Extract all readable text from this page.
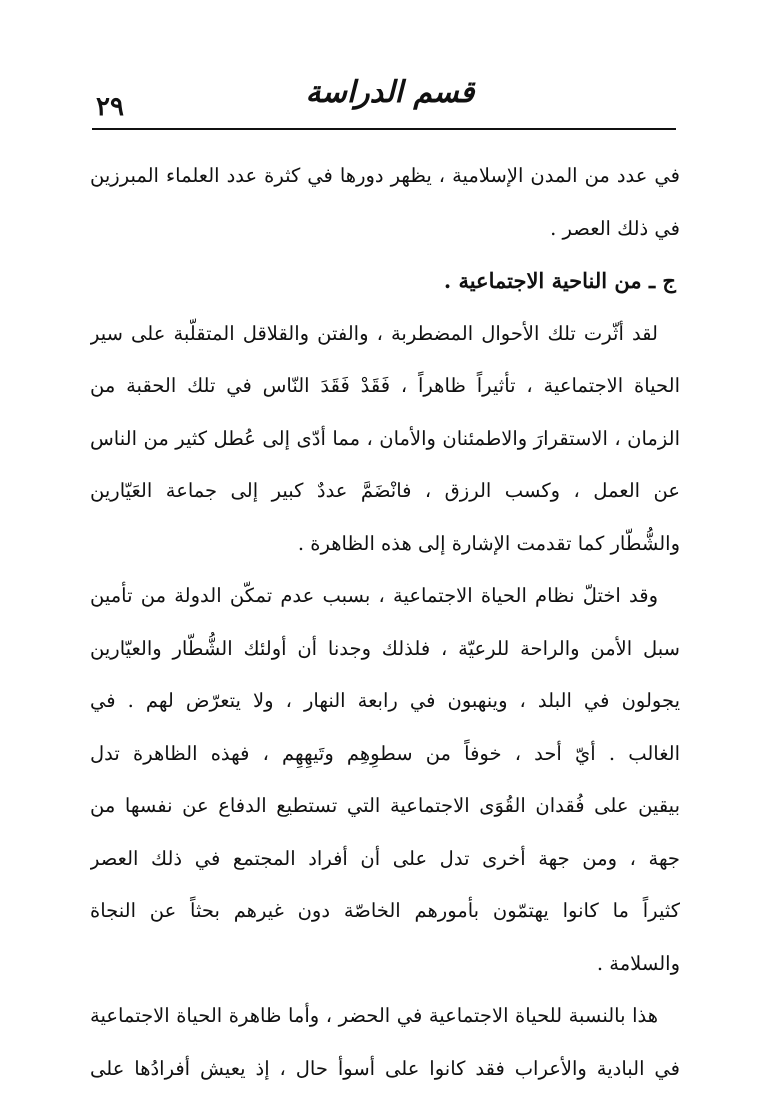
٢٩	قسم الدراسة
في عدد من المدن الإسلامية ، يظهر دورها في كثرة عدد العلماء المبرزين
في ذلك العصر .
ج ـ من الناحية الاجتماعية .
لقد أثّرت تلك الأحوال المضطربة ، والفتن والقلاقل المتقلّبة على سير
الحياة الاجتماعية ، تأثيراً ظاهراً ، فَقَدْ فَقَدَ النّاس في تلك الحقبة من
الزمان ، الاستقرارَ والاطمئنان والأمان ، مما أدّى إلى عُطل كثير من الناس
عن العمل ، وكسب الرزق ، فانْضَمَّ عددٌ كبير إلى جماعة العَيّارين
والشُّطّار كما تقدمت الإشارة إلى هذه الظاهرة .
وقد اختلّ نظام الحياة الاجتماعية ، بسبب عدم تمكّن الدولة من تأمين
سبل الأمن والراحة للرعيّة ، فلذلك وجدنا أن أولئك الشُّطّار والعيّارين
يجولون في البلد ، وينهبون في رابعة النهار ، ولا يتعرّض لهم . في
الغالب . أيّ أحد ، خوفاً من سطوِهِم وتَيهِهِم ، فهذه الظاهرة تدل
بيقين على فُقدان القُوَى الاجتماعية التي تستطيع الدفاع عن نفسها من
جهة ، ومن جهة أخرى تدل على أن أفراد المجتمع في ذلك العصر
كثيراً ما كانوا يهتمّون بأمورهم الخاصّة دون غيرهم بحثاً عن النجاة
والسلامة .
هذا بالنسبة للحياة الاجتماعية في الحضر ، وأما ظاهرة الحياة الاجتماعية
في البادية والأعراب فقد كانوا على أسوأ حال ، إذ يعيش أفرادُها على
